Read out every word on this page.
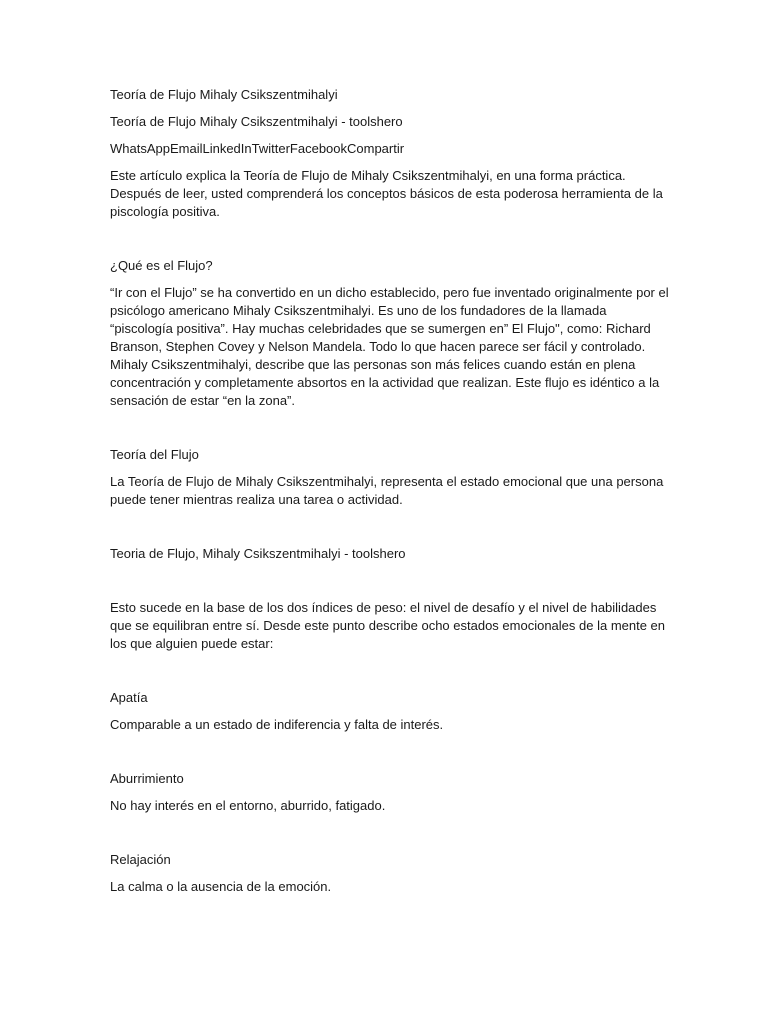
Teoría de Flujo Mihaly Csikszentmihalyi

Teoría de Flujo Mihaly Csikszentmihalyi - toolshero

WhatsAppEmailLinkedInTwitterFacebookCompartir

Este artículo explica la Teoría de Flujo de Mihaly Csikszentmihalyi, en una forma práctica. Después de leer, usted comprenderá los conceptos básicos de esta poderosa herramienta de la piscología positiva.

¿Qué es el Flujo?

“Ir con el Flujo” se ha convertido en un dicho establecido, pero fue inventado originalmente por el psicólogo americano Mihaly Csikszentmihalyi. Es uno de los fundadores de la llamada “piscología positiva”. Hay muchas celebridades que se sumergen en” El Flujo", como: Richard Branson, Stephen Covey y Nelson Mandela. Todo lo que hacen parece ser fácil y controlado. Mihaly Csikszentmihalyi, describe que las personas son más felices cuando están en plena concentración y completamente absortos en la actividad que realizan. Este flujo es idéntico a la sensación de estar “en la zona”.

Teoría del Flujo

La Teoría de Flujo de Mihaly Csikszentmihalyi, representa el estado emocional que una persona puede tener mientras realiza una tarea o actividad.

Teoria de Flujo, Mihaly Csikszentmihalyi - toolshero

Esto sucede en la base de los dos índices de peso: el nivel de desafío y el nivel de habilidades que se equilibran entre sí. Desde este punto describe ocho estados emocionales de la mente en los que alguien puede estar:

Apatía

Comparable a un estado de indiferencia y falta de interés.

Aburrimiento

No hay interés en el entorno, aburrido, fatigado.

Relajación

La calma o la ausencia de la emoción.
